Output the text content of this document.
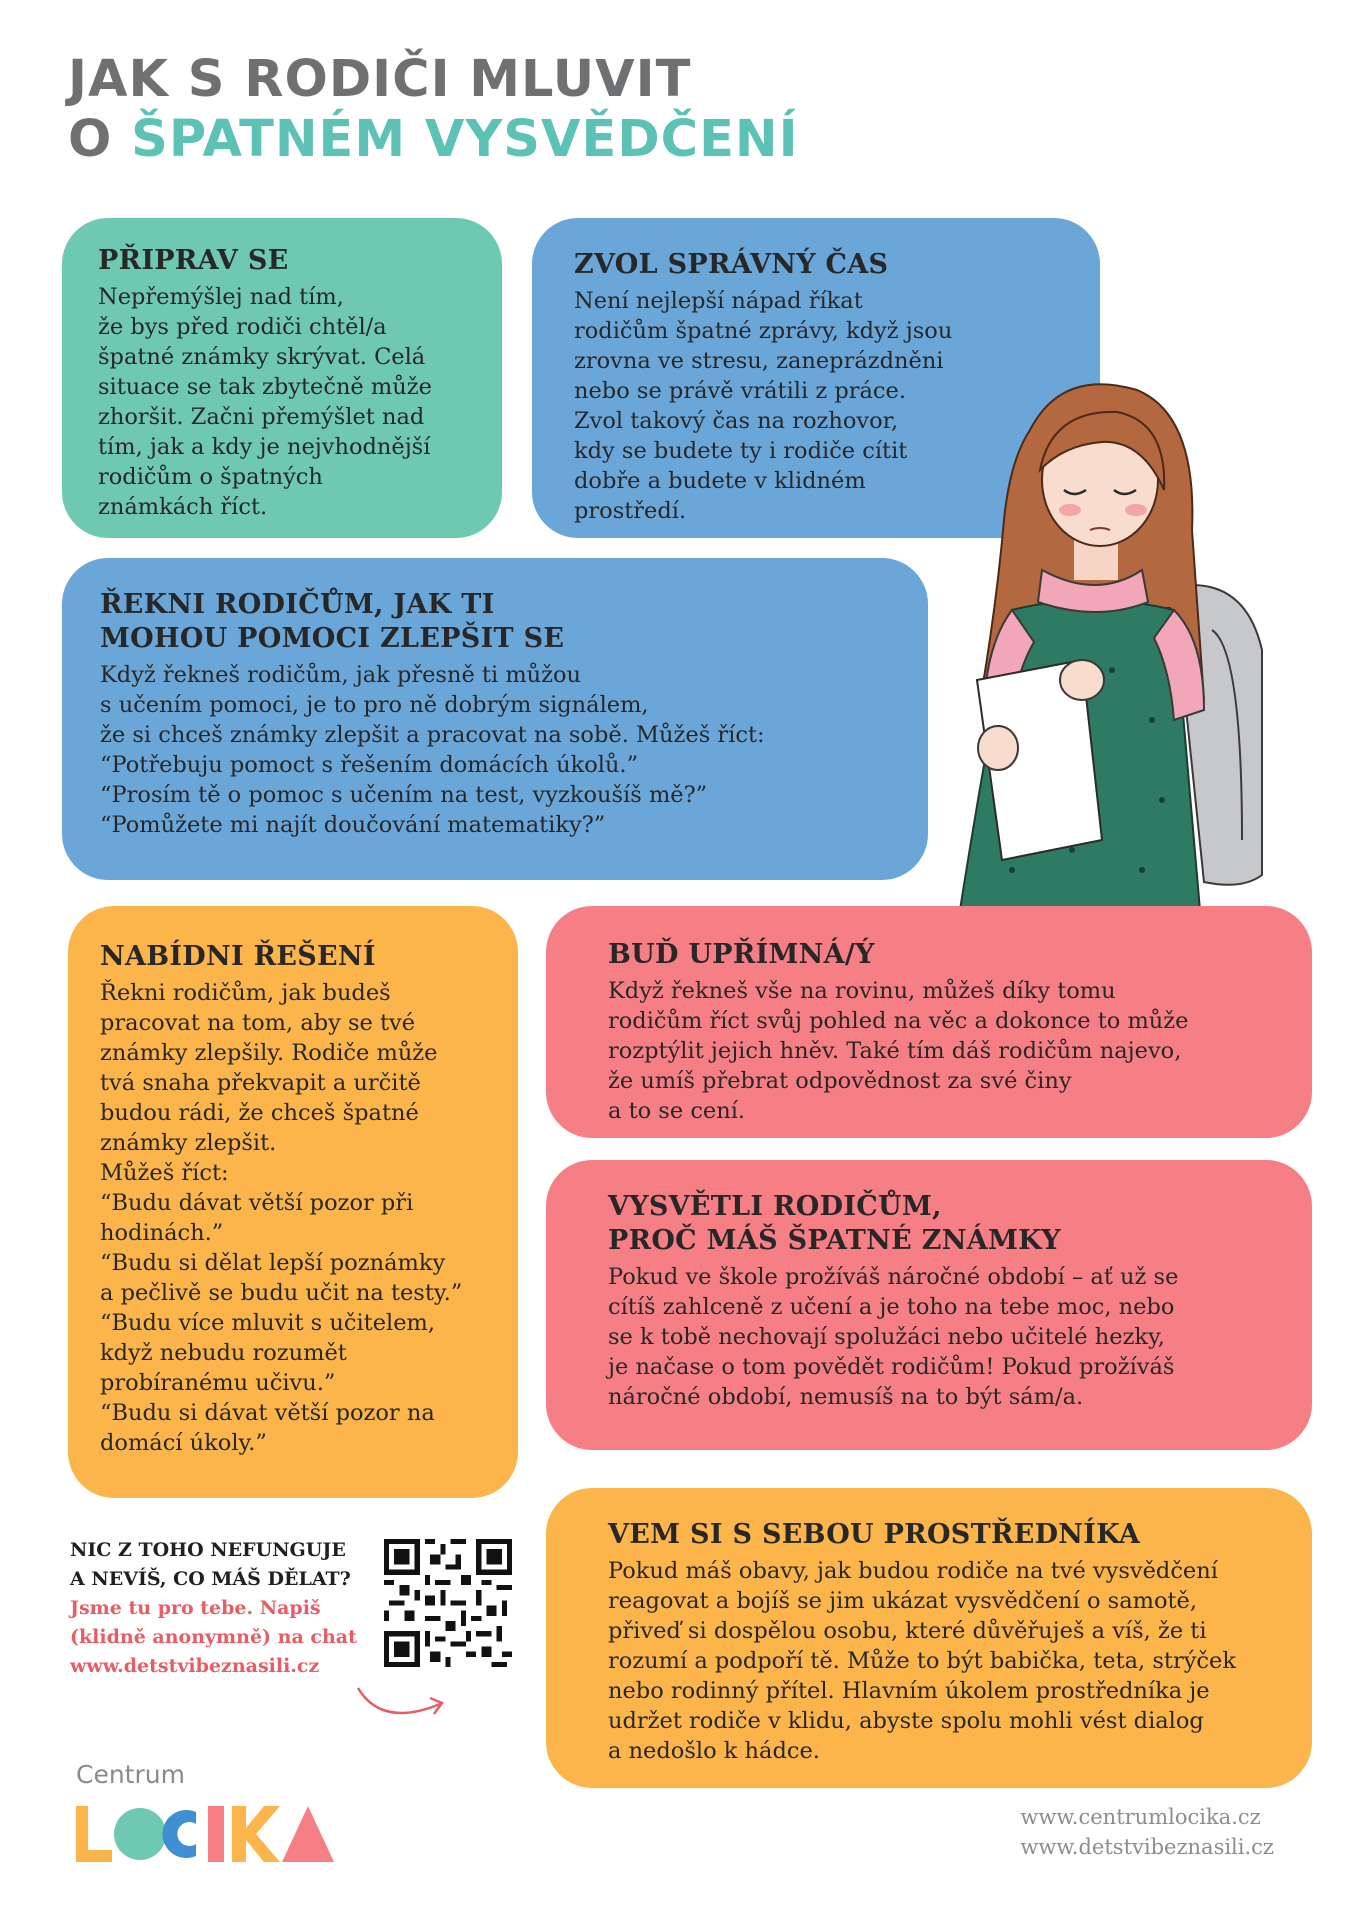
JAK S RODIČI MLUVIT
O ŠPATNÉM VYSVĚDČENÍ
PŘIPRAV SE
Nepřemýšlej nad tím,
že bys před rodiči chtěl/a
špatné známky skrývat. Celá
situace se tak zbytečně může
zhoršit. Začni přemýšlet nad
tím, jak a kdy je nejvhodnější
rodičům o špatných
známkách říct.
ZVOL SPRÁVNÝ ČAS
Není nejlepší nápad říkat
rodičům špatné zprávy, když jsou
zrovna ve stresu, zaneprázdněni
nebo se právě vrátili z práce.
Zvol takový čas na rozhovor,
kdy se budete ty i rodiče cítit
dobře a budete v klidném
prostředí.
ŘEKNI RODIČŮM, JAK TI
MOHOU POMOCI ZLEPŠIT SE
Když řekneš rodičům, jak přesně ti můžou
s učením pomoci, je to pro ně dobrým signálem,
že si chceš známky zlepšit a pracovat na sobě. Můžeš říct:
“Potřebuju pomoct s řešením domácích úkolů.”
“Prosím tě o pomoc s učením na test, vyzkoušíš mě?”
“Pomůžete mi najít doučování matematiky?”
NABÍDNI ŘEŠENÍ
Řekni rodičům, jak budeš
pracovat na tom, aby se tvé
známky zlepšily. Rodiče může
tvá snaha překvapit a určitě
budou rádi, že chceš špatné
známky zlepšit.
Můžeš říct:
“Budu dávat větší pozor při
hodinách.”
“Budu si dělat lepší poznámky
a pečlivě se budu učit na testy.”
“Budu více mluvit s učitelem,
když nebudu rozumět
probíranému učivu.”
“Budu si dávat větší pozor na
domácí úkoly.”
BUĎ UPŘÍMNÁ/Ý
Když řekneš vše na rovinu, můžeš díky tomu
rodičům říct svůj pohled na věc a dokonce to může
rozptýlit jejich hněv. Také tím dáš rodičům najevo,
že umíš přebrat odpovědnost za své činy
a to se cení.
VYSVĚTLI RODIČŮM,
PROČ MÁŠ ŠPATNÉ ZNÁMKY
Pokud ve škole prožíváš náročné období – ať už se
cítíš zahlceně z učení a je toho na tebe moc, nebo
se k tobě nechovají spolužáci nebo učitelé hezky,
je načase o tom povědět rodičům! Pokud prožíváš
náročné období, nemusíš na to být sám/a.
VEM SI S SEBOU PROSTŘEDNÍKA
Pokud máš obavy, jak budou rodiče na tvé vysvědčení
reagovat a bojíš se jim ukázat vysvědčení o samotě,
přiveď si dospělou osobu, které důvěřuješ a víš, že ti
rozumí a podpoří tě. Může to být babička, teta, strýček
nebo rodinný přítel. Hlavním úkolem prostředníka je
udržet rodiče v klidu, abyste spolu mohli vést dialog
a nedošlo k hádce.
NIC Z TOHO NEFUNGUJE
A NEVÍŠ, CO MÁŠ DĚLAT?
Jsme tu pro tebe. Napiš
(klidně anonymně) na chat
www.detstvibeznasili.cz
Centrum
www.centrumlocika.cz
www.detstvibeznasili.cz
